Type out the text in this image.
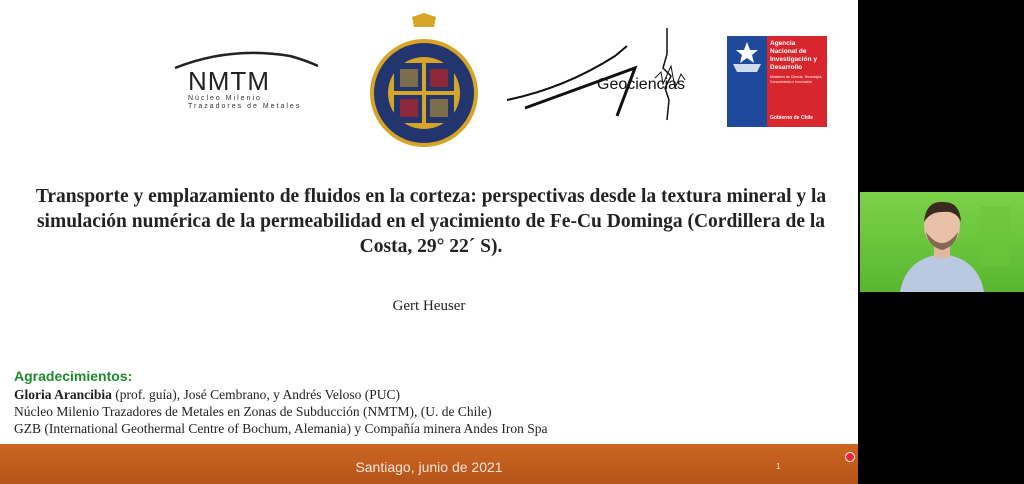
NMTM
Núcleo Milenio
Trazadores de Metales
Geociencias
Agencia Nacional de Investigación y Desarrollo
Ministerio de Ciencia, Tecnología, Conocimiento e Innovación
Gobierno de Chile
Transporte y emplazamiento de fluidos en la corteza: perspectivas desde la textura mineral y la simulación numérica de la permeabilidad en el yacimiento de Fe-Cu Dominga (Cordillera de la Costa, 29° 22´ S).
Gert Heuser
Agradecimientos:
Gloria Arancibia (prof. guía), José Cembrano, y Andrés Veloso (PUC)
Núcleo Milenio Trazadores de Metales en Zonas de Subducción (NMTM), (U. de Chile)
GZB (International Geothermal Centre of Bochum, Alemania) y Compañía minera Andes Iron Spa
Santiago, junio de 2021	1
